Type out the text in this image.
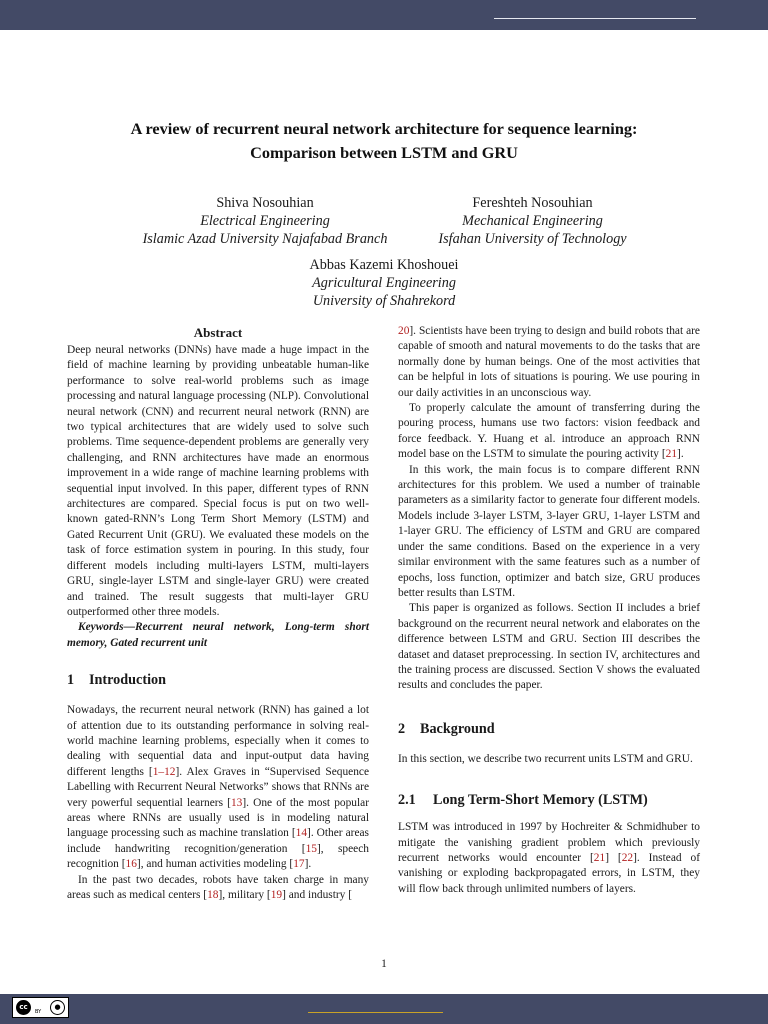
A review of recurrent neural network architecture for sequence learning:
Comparison between LSTM and GRU
Shiva Nosouhian
Electrical Engineering
Islamic Azad University Najafabad Branch
Fereshteh Nosouhian
Mechanical Engineering
Isfahan University of Technology
Abbas Kazemi Khoshouei
Agricultural Engineering
University of Shahrekord
Abstract

Deep neural networks (DNNs) have made a huge impact in the field of machine learning by providing unbeatable human-like performance to solve real-world problems such as image processing and natural language processing (NLP). Convolutional neural network (CNN) and recurrent neural network (RNN) are two typical architectures that are widely used to solve such problems. Time sequence-dependent problems are generally very challenging, and RNN architectures have made an enormous improvement in a wide range of machine learning problems with sequential input involved. In this paper, different types of RNN architectures are compared. Special focus is put on two well-known gated-RNN’s Long Term Short Memory (LSTM) and Gated Recurrent Unit (GRU). We evaluated these models on the task of force estimation system in pouring. In this study, four different models including multi-layers LSTM, multi-layers GRU, single-layer LSTM and single-layer GRU) were created and trained. The result suggests that multi-layer GRU outperformed other three models.

Keywords—Recurrent neural network, Long-term short memory, Gated recurrent unit

1 Introduction

Nowadays, the recurrent neural network (RNN) has gained a lot of attention due to its outstanding performance in solving real-world machine learning problems, especially when it comes to dealing with sequential data and input-output data having different lengths [1–12]. Alex Graves in “Supervised Sequence Labelling with Recurrent Neural Networks” shows that RNNs are very powerful sequential learners [13]. One of the most popular areas where RNNs are usually used is in modeling natural language processing such as machine translation [14]. Other areas include handwriting recognition/generation [15], speech recognition [16], and human activities modeling [17].

In the past two decades, robots have taken charge in many areas such as medical centers [18], military [19] and industry [

20]. Scientists have been trying to design and build robots that are capable of smooth and natural movements to do the tasks that are normally done by human beings. One of the most activities that can be helpful in lots of situations is pouring. We use pouring in our daily activities in an unconscious way.

To properly calculate the amount of transferring during the pouring process, humans use two factors: vision feedback and force feedback. Y. Huang et al. introduce an approach RNN model base on the LSTM to simulate the pouring activity [21].

In this work, the main focus is to compare different RNN architectures for this problem. We used a number of trainable parameters as a similarity factor to generate four different models. Models include 3-layer LSTM, 3-layer GRU, 1-layer LSTM and 1-layer GRU. The efficiency of LSTM and GRU are compared under the same conditions. Based on the experience in a very similar environment with the same features such as a number of epochs, loss function, optimizer and batch size, GRU produces better results than LSTM.

This paper is organized as follows. Section II includes a brief background on the recurrent neural network and elaborates on the difference between LSTM and GRU. Section III describes the dataset and dataset preprocessing. In section IV, architectures and the training process are discussed. Section V shows the evaluated results and concludes the paper.

2 Background

In this section, we describe two recurrent units LSTM and GRU.

2.1 Long Term-Short Memory (LSTM)

LSTM was introduced in 1997 by Hochreiter & Schmidhuber to mitigate the vanishing gradient problem which previously recurrent networks would encounter [21] [22]. Instead of vanishing or exploding backpropagated errors, in LSTM, they will flow back through unlimited numbers of layers.

1
cc	●
BY
